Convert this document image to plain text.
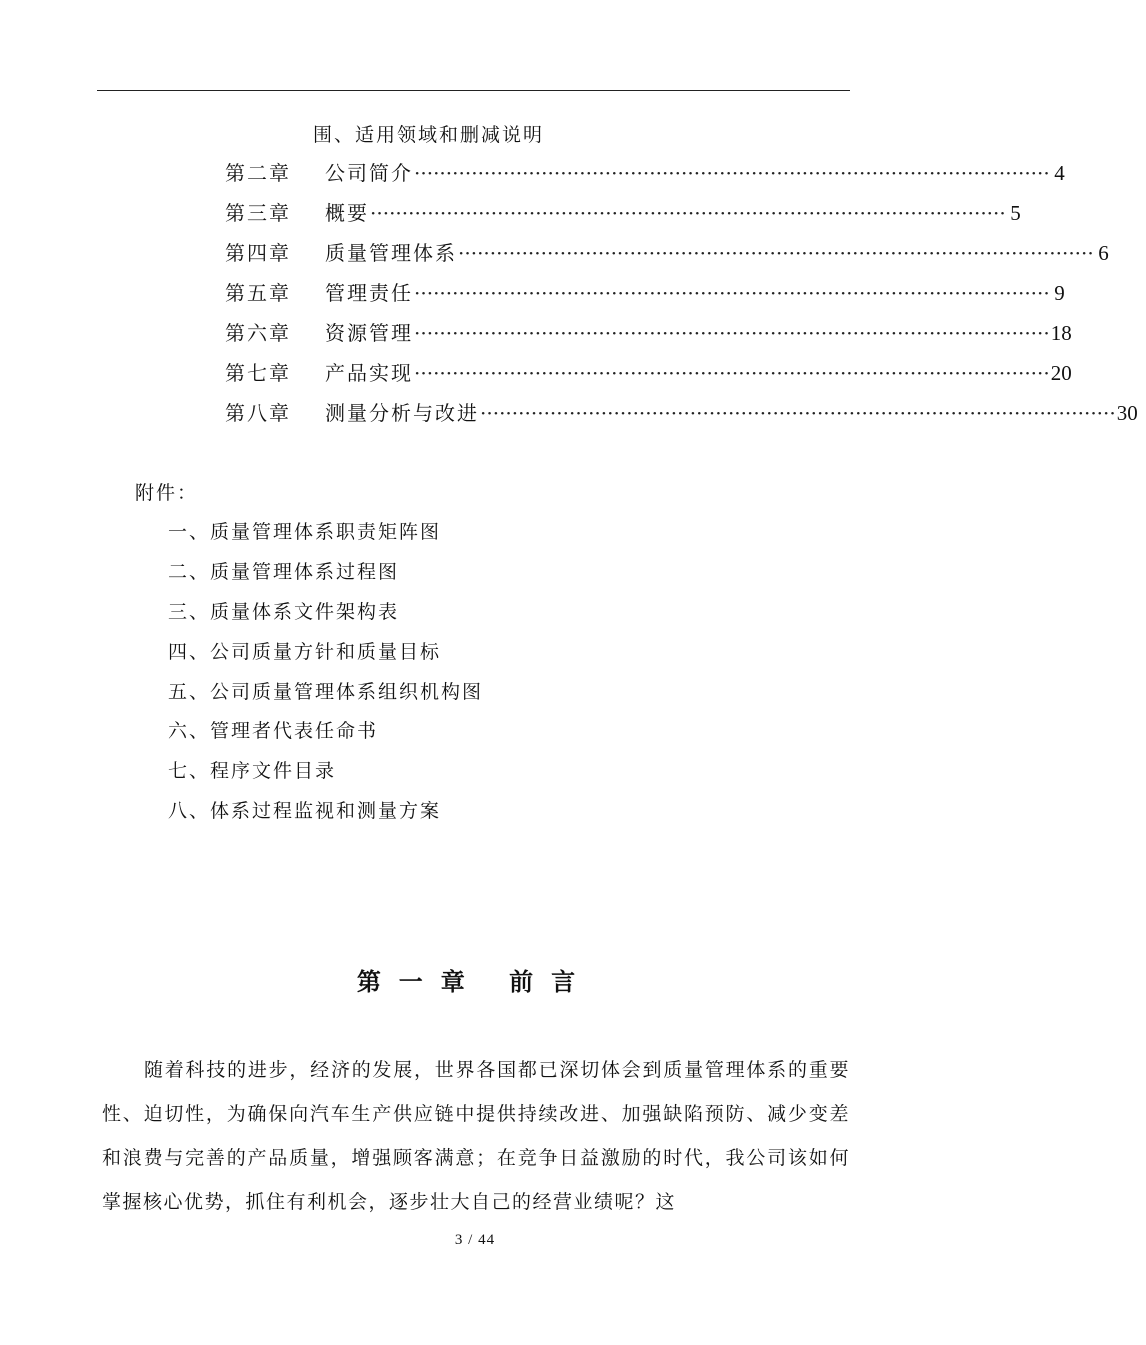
围、适用领域和删减说明
第二章	公司简介 ···································································································· 4
第三章	概要 ···································································································· 5
第四章	质量管理体系 ···································································································· 6
第五章	管理责任 ···································································································· 9
第六章	资源管理 ···································································································· 18
第七章	产品实现 ···································································································· 20
第八章	测量分析与改进 ···································································································· 30
附件：
一、质量管理体系职责矩阵图
二、质量管理体系过程图
三、质量体系文件架构表
四、公司质量方针和质量目标
五、公司质量管理体系组织机构图
六、管理者代表任命书
七、程序文件目录
八、体系过程监视和测量方案
第一章 前言
随着科技的进步，经济的发展，世界各国都已深切体会到质量管理体系的重要性、迫切性，为确保向汽车生产供应链中提供持续改进、加强缺陷预防、减少变差和浪费与完善的产品质量，增强顾客满意；在竞争日益激励的时代，我公司该如何掌握核心优势，抓住有利机会，逐步壮大自己的经营业绩呢？这
3 / 44
